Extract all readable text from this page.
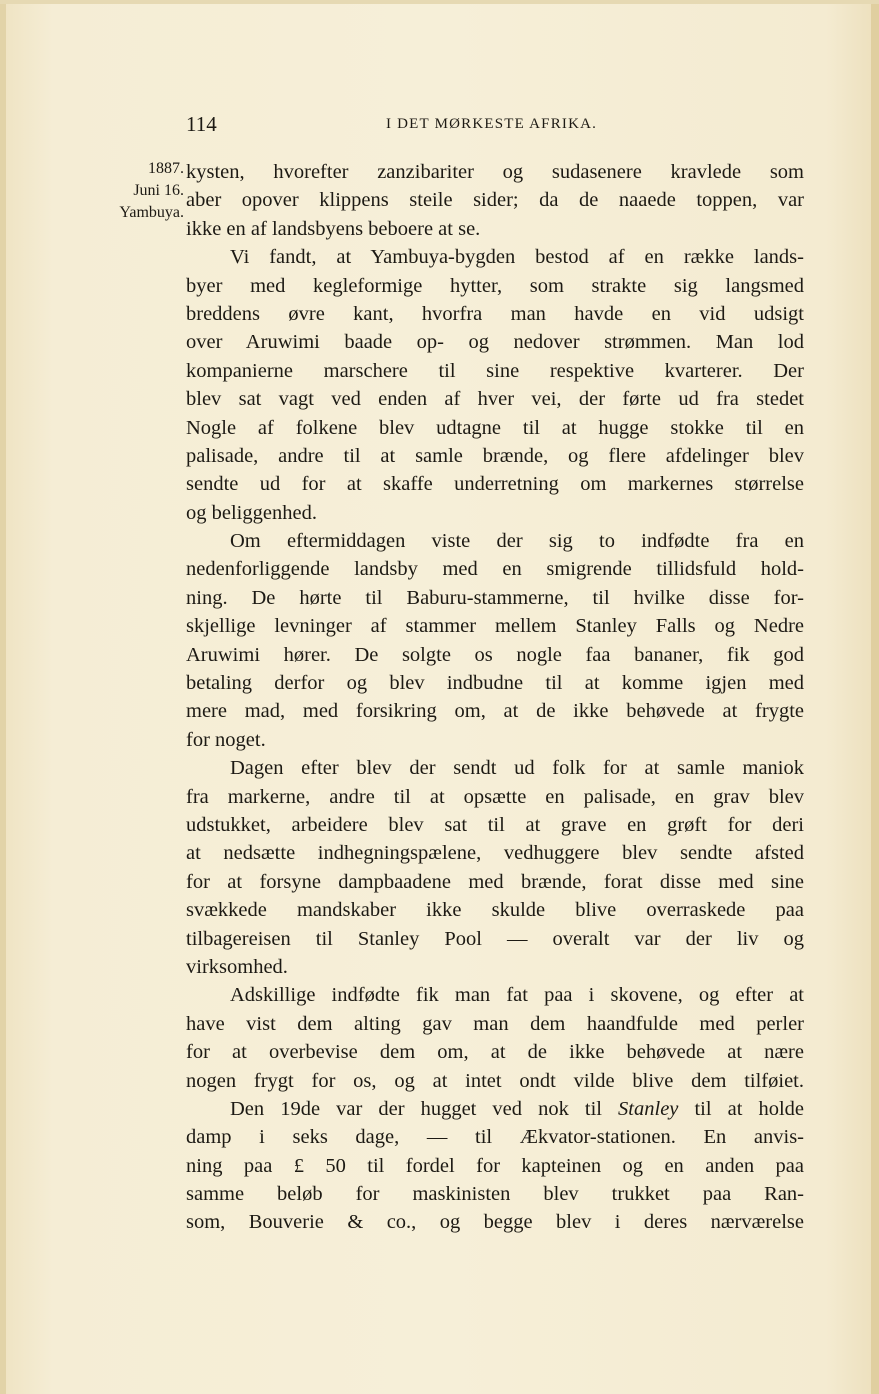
114	I DET MØRKESTE AFRIKA.
1887.
Juni 16.
Yambuya.
kysten, hvorefter zanzibariter og sudasenere kravlede som
aber opover klippens steile sider; da de naaede toppen, var
ikke en af landsbyens beboere at se.
Vi fandt, at Yambuya-bygden bestod af en række lands-
byer med kegleformige hytter, som strakte sig langsmed
breddens øvre kant, hvorfra man havde en vid udsigt
over Aruwimi baade op- og nedover strømmen. Man lod
kompanierne marschere til sine respektive kvarterer. Der
blev sat vagt ved enden af hver vei, der førte ud fra stedet
Nogle af folkene blev udtagne til at hugge stokke til en
palisade, andre til at samle brænde, og flere afdelinger blev
sendte ud for at skaffe underretning om markernes størrelse
og beliggenhed.
Om eftermiddagen viste der sig to indfødte fra en
nedenforliggende landsby med en smigrende tillidsfuld hold-
ning. De hørte til Baburu-stammerne, til hvilke disse for-
skjellige levninger af stammer mellem Stanley Falls og Nedre
Aruwimi hører. De solgte os nogle faa bananer, fik god
betaling derfor og blev indbudne til at komme igjen med
mere mad, med forsikring om, at de ikke behøvede at frygte
for noget.
Dagen efter blev der sendt ud folk for at samle maniok
fra markerne, andre til at opsætte en palisade, en grav blev
udstukket, arbeidere blev sat til at grave en grøft for deri
at nedsætte indhegningspælene, vedhuggere blev sendte afsted
for at forsyne dampbaadene med brænde, forat disse med sine
svækkede mandskaber ikke skulde blive overraskede paa
tilbagereisen til Stanley Pool — overalt var der liv og
virksomhed.
Adskillige indfødte fik man fat paa i skovene, og efter at
have vist dem alting gav man dem haandfulde med perler
for at overbevise dem om, at de ikke behøvede at nære
nogen frygt for os, og at intet ondt vilde blive dem tilføiet.
Den 19de var der hugget ved nok til Stanley til at holde
damp i seks dage, — til Ækvator-stationen. En anvis-
ning paa £ 50 til fordel for kapteinen og en anden paa
samme beløb for maskinisten blev trukket paa Ran-
som, Bouverie & co., og begge blev i deres nærværelse
